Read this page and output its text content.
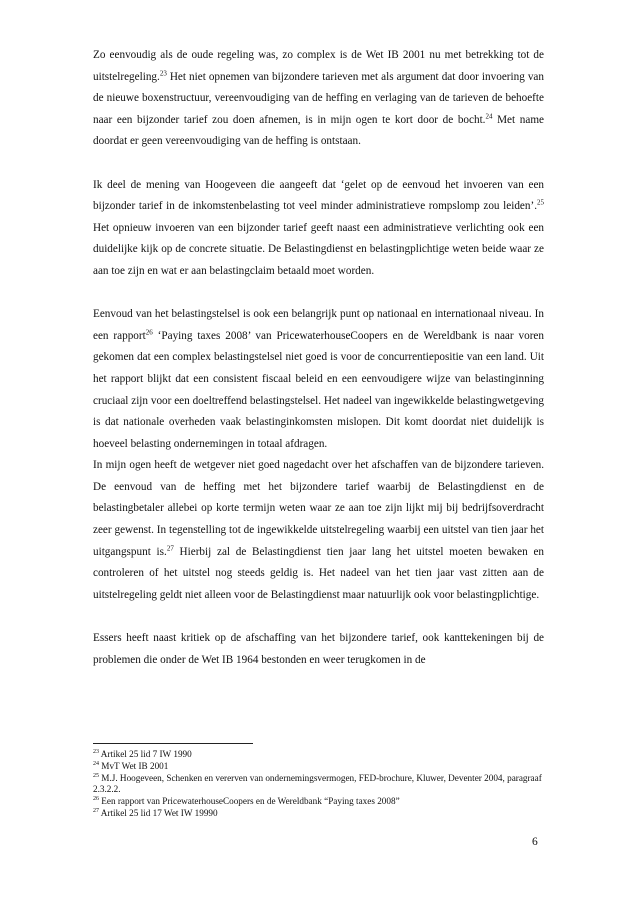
Zo eenvoudig als de oude regeling was, zo complex is de Wet IB 2001 nu met betrekking tot de uitstelregeling.$^{23}$ Het niet opnemen van bijzondere tarieven met als argument dat door invoering van de nieuwe boxenstructuur, vereenvoudiging van de heffing en verlaging van de tarieven de behoefte naar een bijzonder tarief zou doen afnemen, is in mijn ogen te kort door de bocht.$^{24}$ Met name doordat er geen vereenvoudiging van de heffing is ontstaan.

Ik deel de mening van Hoogeveen die aangeeft dat ‘gelet op de eenvoud het invoeren van een bijzonder tarief in de inkomstenbelasting tot veel minder administratieve rompslomp zou leiden’.$^{25}$ Het opnieuw invoeren van een bijzonder tarief geeft naast een administratieve verlichting ook een duidelijke kijk op de concrete situatie. De Belastingdienst en belastingplichtige weten beide waar ze aan toe zijn en wat er aan belastingclaim betaald moet worden.

Eenvoud van het belastingstelsel is ook een belangrijk punt op nationaal en internationaal niveau. In een rapport$^{26}$ ‘Paying taxes 2008’ van PricewaterhouseCoopers en de Wereldbank is naar voren gekomen dat een complex belastingstelsel niet goed is voor de concurrentiepositie van een land. Uit het rapport blijkt dat een consistent fiscaal beleid en een eenvoudigere wijze van belastinginning cruciaal zijn voor een doeltreffend belastingstelsel. Het nadeel van ingewikkelde belastingwetgeving is dat nationale overheden vaak belastinginkomsten mislopen. Dit komt doordat niet duidelijk is hoeveel belasting ondernemingen in totaal afdragen.

In mijn ogen heeft de wetgever niet goed nagedacht over het afschaffen van de bijzondere tarieven. De eenvoud van de heffing met het bijzondere tarief waarbij de Belastingdienst en de belastingbetaler allebei op korte termijn weten waar ze aan toe zijn lijkt mij bij bedrijfsoverdracht zeer gewenst. In tegenstelling tot de ingewikkelde uitstelregeling waarbij een uitstel van tien jaar het uitgangspunt is.$^{27}$ Hierbij zal de Belastingdienst tien jaar lang het uitstel moeten bewaken en controleren of het uitstel nog steeds geldig is. Het nadeel van het tien jaar vast zitten aan de uitstelregeling geldt niet alleen voor de Belastingdienst maar natuurlijk ook voor belastingplichtige.

Essers heeft naast kritiek op de afschaffing van het bijzondere tarief, ook kanttekeningen bij de problemen die onder de Wet IB 1964 bestonden en weer terugkomen in de

$^{23}$ Artikel 25 lid 7 IW 1990
$^{24}$ MvT Wet IB 2001
$^{25}$ M.J. Hoogeveen, Schenken en vererven van ondernemingsvermogen, FED-brochure, Kluwer, Deventer 2004, paragraaf 2.3.2.2.
$^{26}$ Een rapport van PricewaterhouseCoopers en de Wereldbank “Paying taxes 2008”
$^{27}$ Artikel 25 lid 17 Wet IW 19990
6
